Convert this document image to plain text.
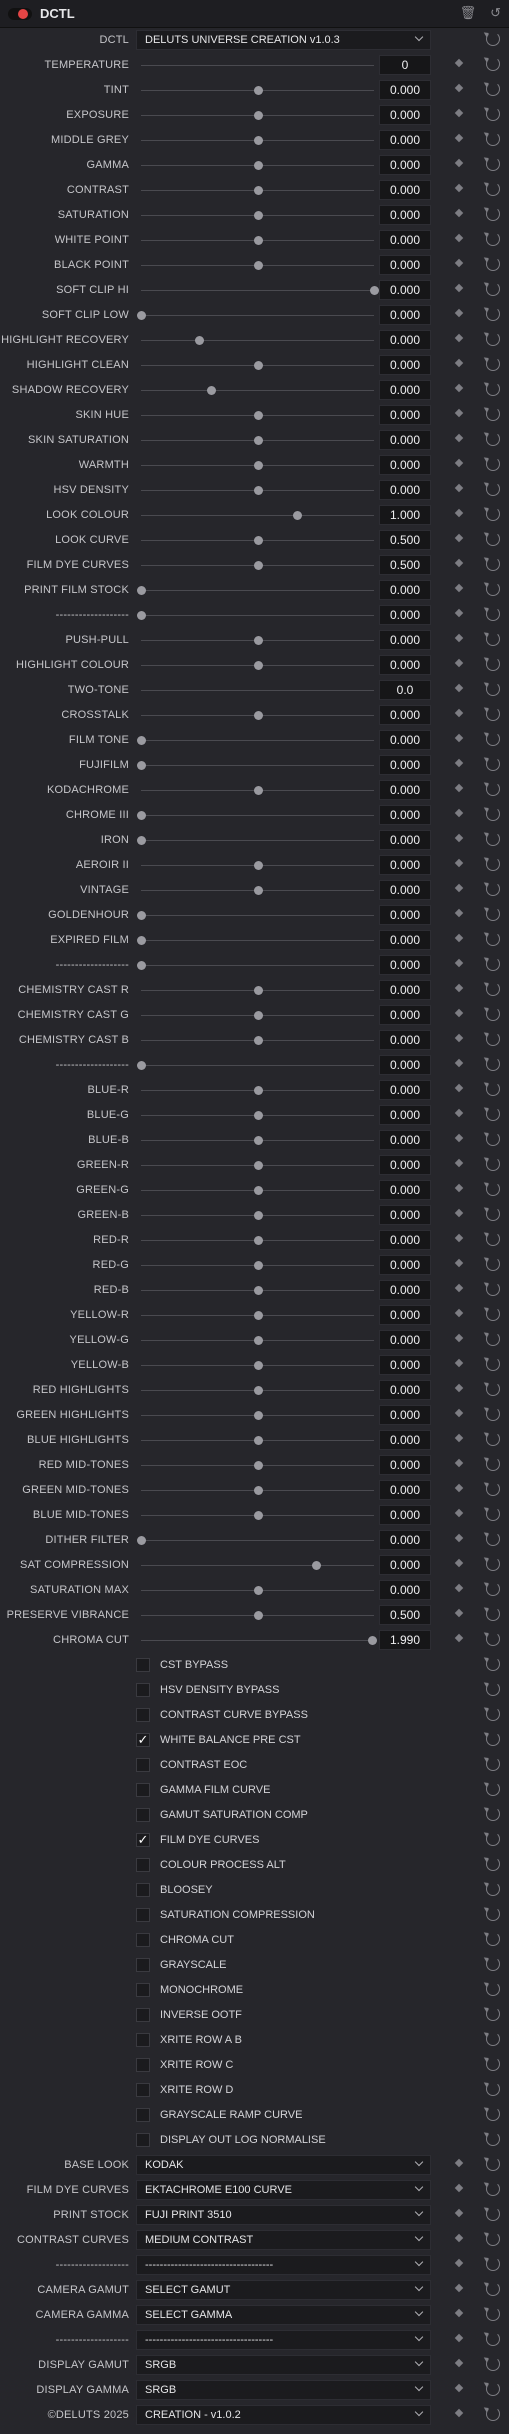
DCTL	🗑 ↺
DCTL	DELUTS UNIVERSE CREATION v1.0.3
TEMPERATURE	0
TINT	0.000
EXPOSURE	0.000
MIDDLE GREY	0.000
GAMMA	0.000
CONTRAST	0.000
SATURATION	0.000
WHITE POINT	0.000
BLACK POINT	0.000
SOFT CLIP HI	0.000
SOFT CLIP LOW	0.000
HIGHLIGHT RECOVERY	0.000
HIGHLIGHT CLEAN	0.000
SHADOW RECOVERY	0.000
SKIN HUE	0.000
SKIN SATURATION	0.000
WARMTH	0.000
HSV DENSITY	0.000
LOOK COLOUR	1.000
LOOK CURVE	0.500
FILM DYE CURVES	0.500
PRINT FILM STOCK	0.000
-------------------	0.000
PUSH-PULL	0.000
HIGHLIGHT COLOUR	0.000
TWO-TONE	0.0
CROSSTALK	0.000
FILM TONE	0.000
FUJIFILM	0.000
KODACHROME	0.000
CHROME III	0.000
IRON	0.000
AEROIR II	0.000
VINTAGE	0.000
GOLDENHOUR	0.000
EXPIRED FILM	0.000
-------------------	0.000
CHEMISTRY CAST R	0.000
CHEMISTRY CAST G	0.000
CHEMISTRY CAST B	0.000
-------------------	0.000
BLUE-R	0.000
BLUE-G	0.000
BLUE-B	0.000
GREEN-R	0.000
GREEN-G	0.000
GREEN-B	0.000
RED-R	0.000
RED-G	0.000
RED-B	0.000
YELLOW-R	0.000
YELLOW-G	0.000
YELLOW-B	0.000
RED HIGHLIGHTS	0.000
GREEN HIGHLIGHTS	0.000
BLUE HIGHLIGHTS	0.000
RED MID-TONES	0.000
GREEN MID-TONES	0.000
BLUE MID-TONES	0.000
DITHER FILTER	0.000
SAT COMPRESSION	0.000
SATURATION MAX	0.000
PRESERVE VIBRANCE	0.500
CHROMA CUT	1.990
CST BYPASS
HSV DENSITY BYPASS
CONTRAST CURVE BYPASS
✓ WHITE BALANCE PRE CST
CONTRAST EOC
GAMMA FILM CURVE
GAMUT SATURATION COMP
✓ FILM DYE CURVES
COLOUR PROCESS ALT
BLOOSEY
SATURATION COMPRESSION
CHROMA CUT
GRAYSCALE
MONOCHROME
INVERSE OOTF
XRITE ROW A B
XRITE ROW C
XRITE ROW D
GRAYSCALE RAMP CURVE
DISPLAY OUT LOG NORMALISE
BASE LOOK	KODAK
FILM DYE CURVES	EKTACHROME E100 CURVE
PRINT STOCK	FUJI PRINT 3510
CONTRAST CURVES	MEDIUM CONTRAST
-------------------	-----------------------------------
CAMERA GAMUT	SELECT GAMUT
CAMERA GAMMA	SELECT GAMMA
-------------------	-----------------------------------
DISPLAY GAMUT	SRGB
DISPLAY GAMMA	SRGB
©DELUTS 2025	CREATION - v1.0.2
